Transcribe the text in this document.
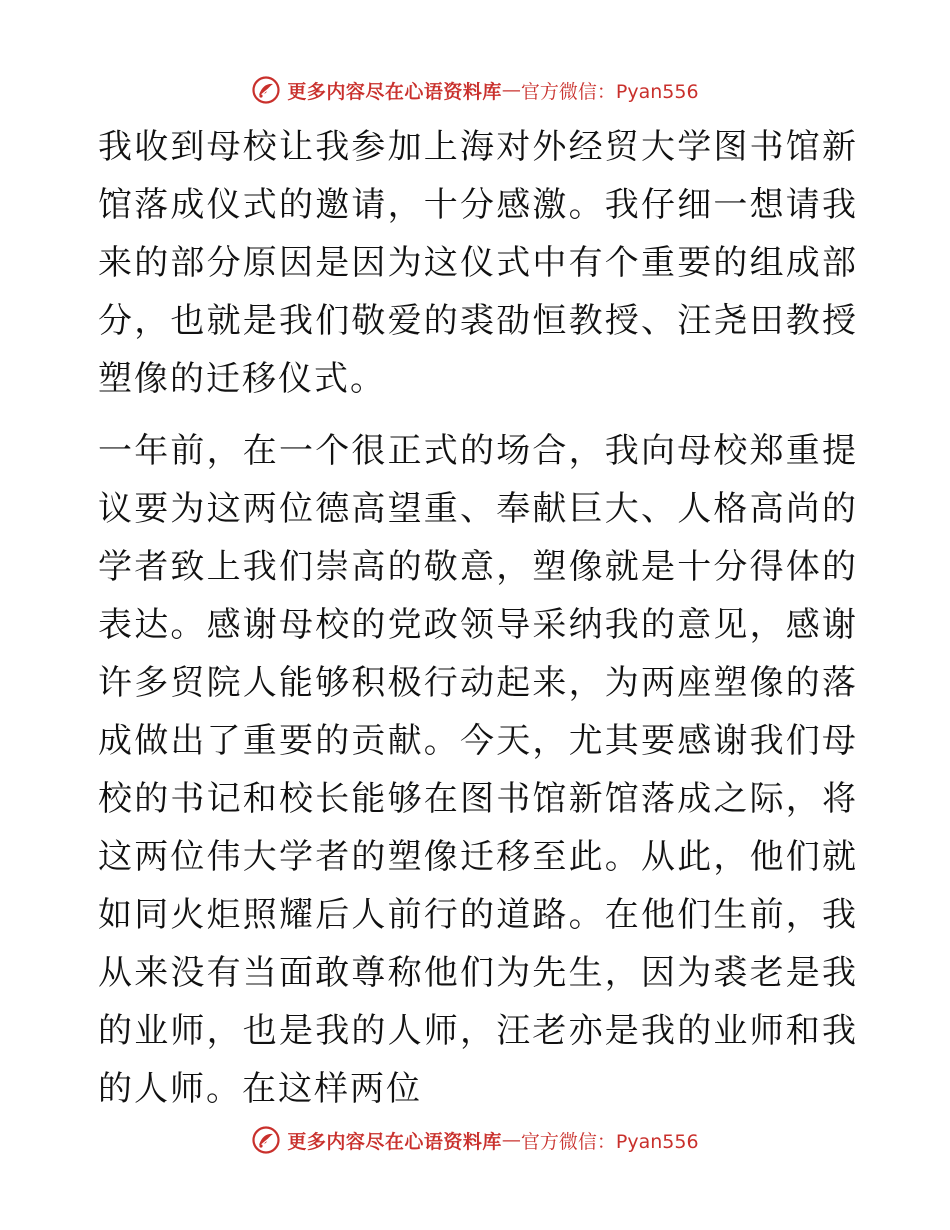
更多内容尽在心语资料库 — 官方微信：Pyan556

我收到母校让我参加上海对外经贸大学图书馆新馆落成仪式的邀请，十分感激。我仔细一想请我来的部分原因是因为这仪式中有个重要的组成部分，也就是我们敬爱的裘劭恒教授、汪尧田教授塑像的迁移仪式。

一年前，在一个很正式的场合，我向母校郑重提议要为这两位德高望重、奉献巨大、人格高尚的学者致上我们崇高的敬意，塑像就是十分得体的表达。感谢母校的党政领导采纳我的意见，感谢许多贸院人能够积极行动起来，为两座塑像的落成做出了重要的贡献。今天，尤其要感谢我们母校的书记和校长能够在图书馆新馆落成之际，将这两位伟大学者的塑像迁移至此。从此，他们就如同火炬照耀后人前行的道路。在他们生前，我从来没有当面敢尊称他们为先生，因为裘老是我的业师，也是我的人师，汪老亦是我的业师和我的人师。在这样两位

更多内容尽在心语资料库 — 官方微信：Pyan556
